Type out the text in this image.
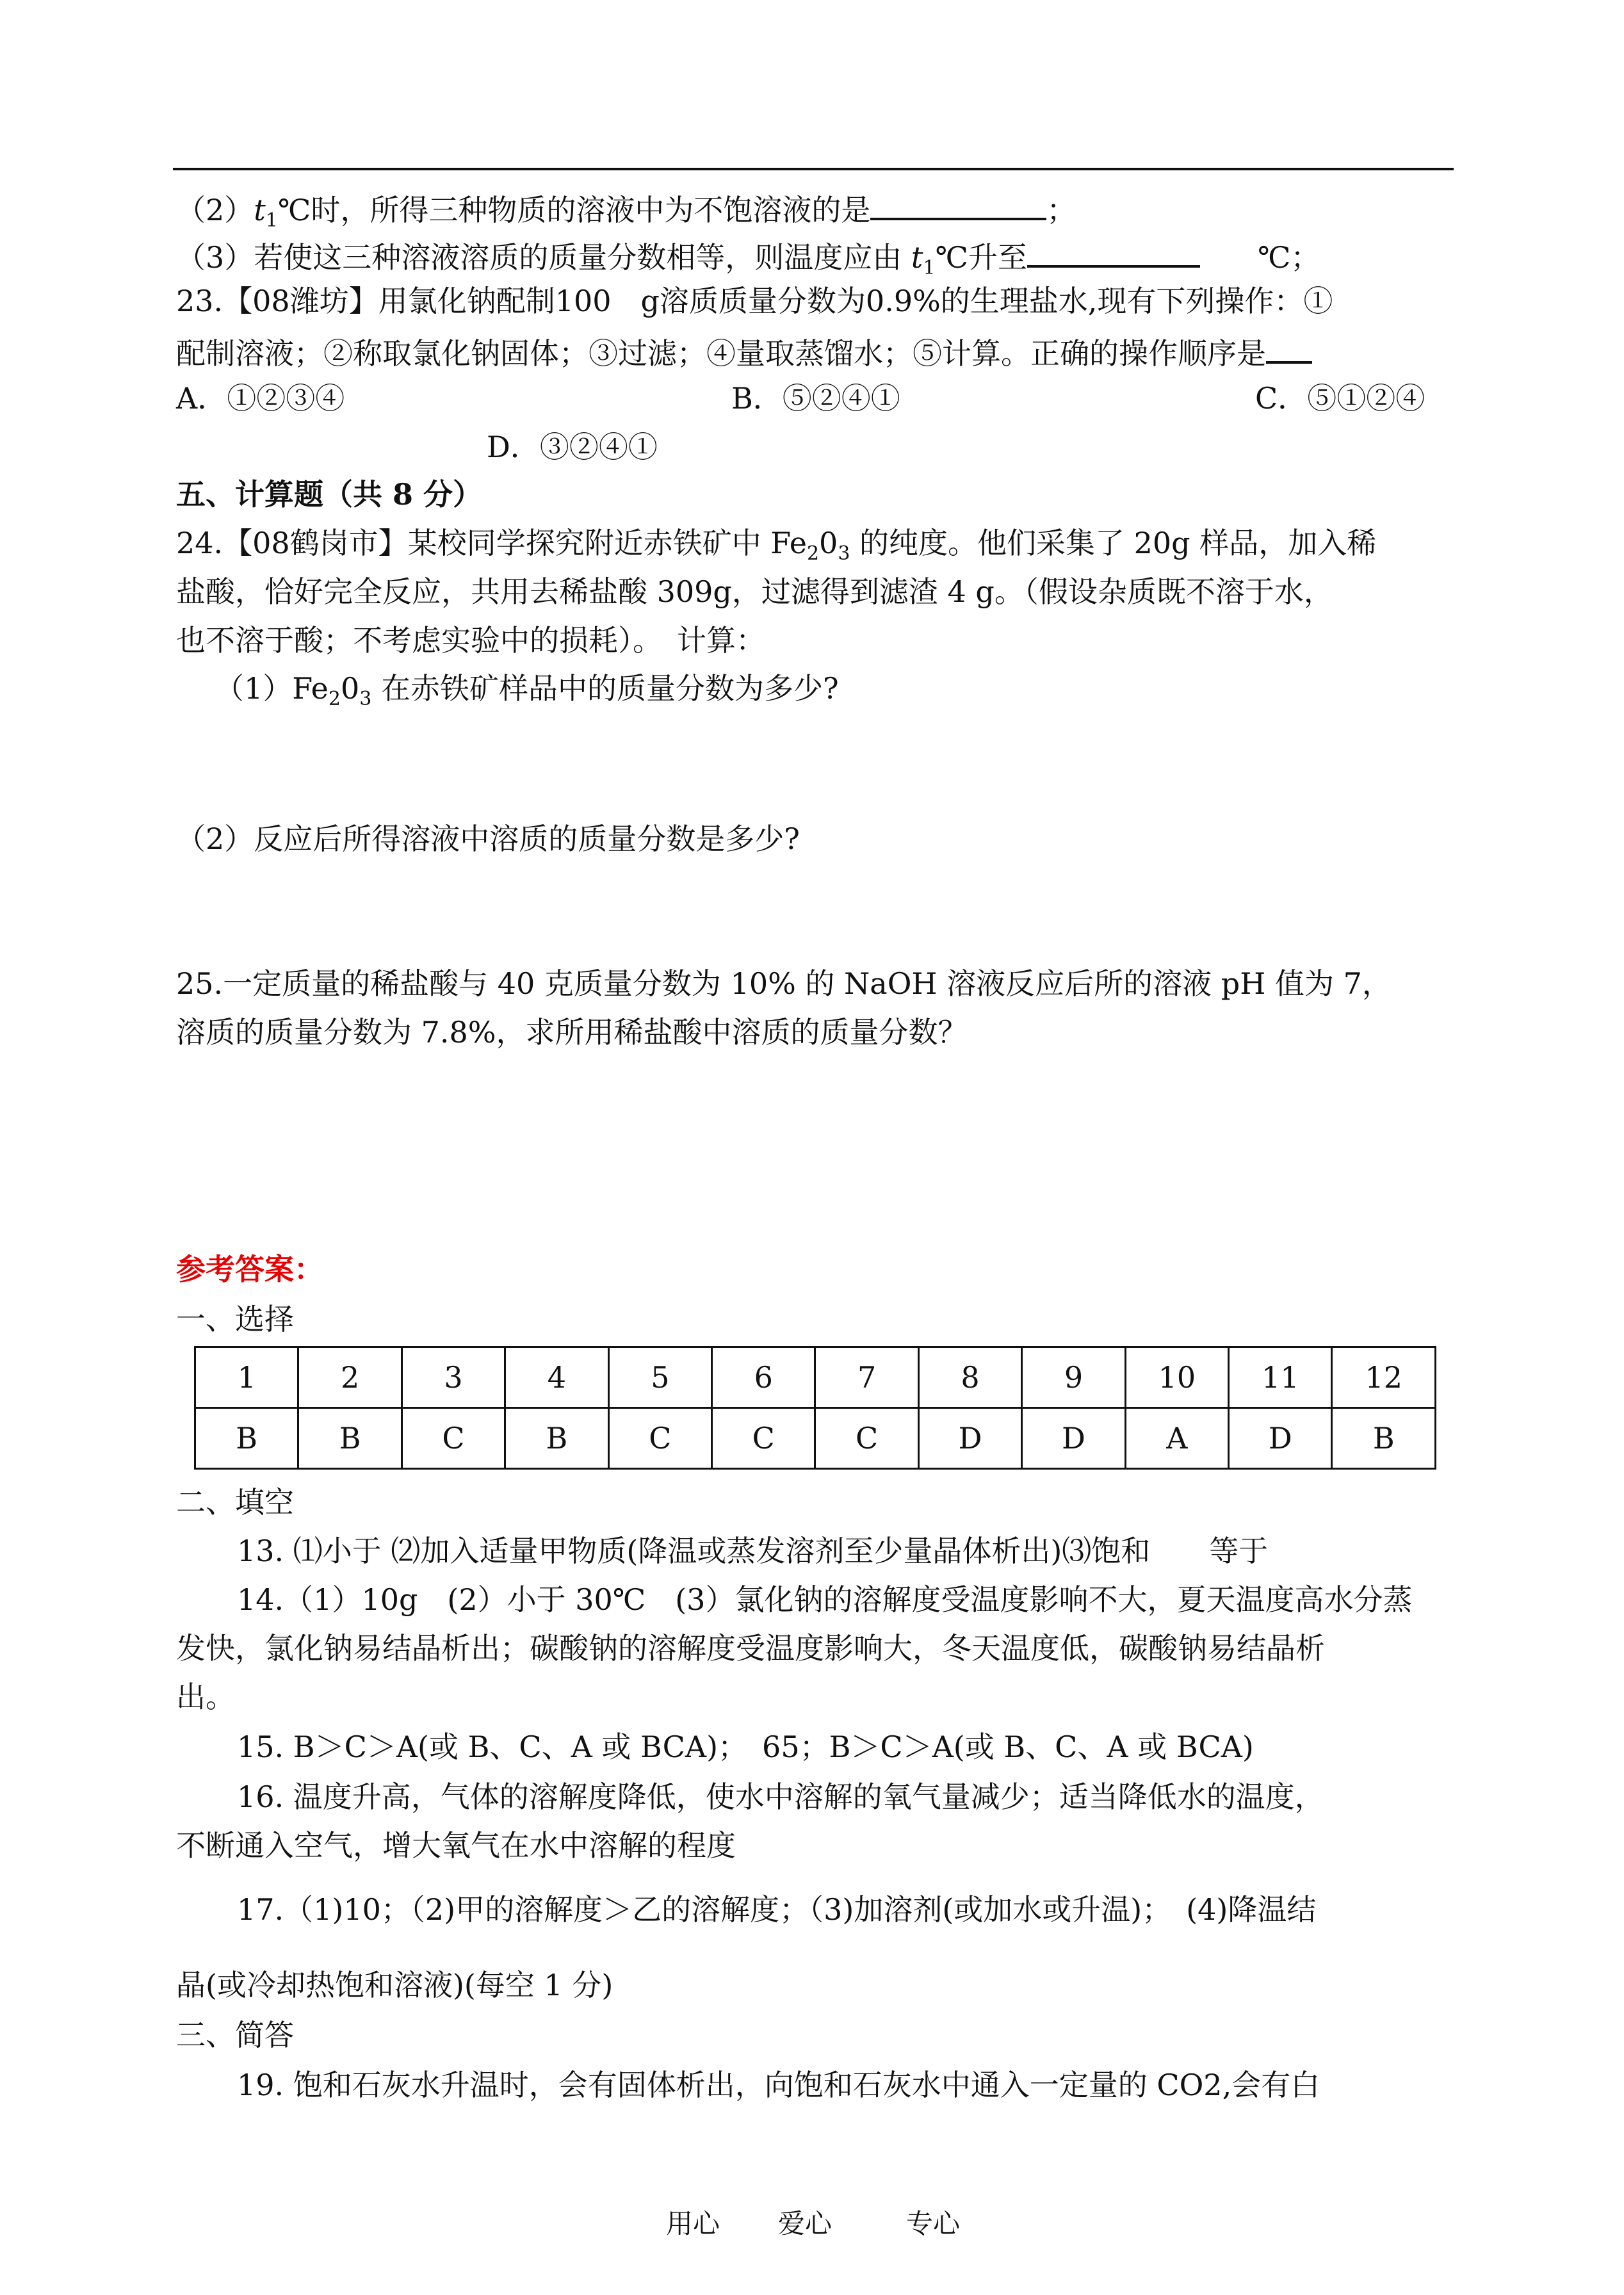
$(2)t_1℃$时，所得三种物质的溶液中为不饱溶液的是	；
（3）若使这三种溶液溶质的质量分数相等，则温度应由 $t_1℃$升至	℃；
23.【08潍坊】用氯化钠配制100　g溶质质量分数为0.9%的生理盐水,现有下列操作：①
配制溶液；②称取氯化钠固体；③过滤；④量取蒸馏水；⑤计算。正确的操作顺序是
A．①②③④	B．⑤②④①	C．⑤①②④
D．③②④①
五、计算题（共 8 分）
24.【08鹤岗市】某校同学探究附近赤铁矿中 $Fe_20_3$ 的纯度。他们采集了 20g 样品，加入稀
盐酸，恰好完全反应，共用去稀盐酸 309g，过滤得到滤渣 4 g。（假设杂质既不溶于水，
也不溶于酸；不考虑实验中的损耗）。　计算：
$(1)Fe_20_3$ 在赤铁矿样品中的质量分数为多少?
（2）反应后所得溶液中溶质的质量分数是多少?
25.一定质量的稀盐酸与 40 克质量分数为 10% 的 NaOH 溶液反应后所的溶液 pH 值为 7，
溶质的质量分数为 7.8%，求所用稀盐酸中溶质的质量分数？
参考答案：
一、选择
1	2	3	4	5	6	7	8	9	10	11	12
B	B	C	B	C	C	C	D	D	A	D	B
二、填空
13. ⑴小于 ⑵加入适量甲物质(降温或蒸发溶剂至少量晶体析出)⑶饱和　　等于
14.（1）10g　(2）小于 30℃　(3）氯化钠的溶解度受温度影响不大，夏天温度高水分蒸
发快，氯化钠易结晶析出；碳酸钠的溶解度受温度影响大，冬天温度低，碳酸钠易结晶析
出。
15. B＞C＞A(或 B、C、A 或 BCA)；　65；B＞C＞A(或 B、C、A 或 BCA)
16. 温度升高，气体的溶解度降低，使水中溶解的氧气量减少；适当降低水的温度，
不断通入空气，增大氧气在水中溶解的程度
17.（1)10；（2)甲的溶解度＞乙的溶解度；（3)加溶剂(或加水或升温)；　(4)降温结
晶(或冷却热饱和溶液)(每空 1 分)
三、简答
19. 饱和石灰水升温时，会有固体析出，向饱和石灰水中通入一定量的 CO2,会有白
用心 爱心	专心
